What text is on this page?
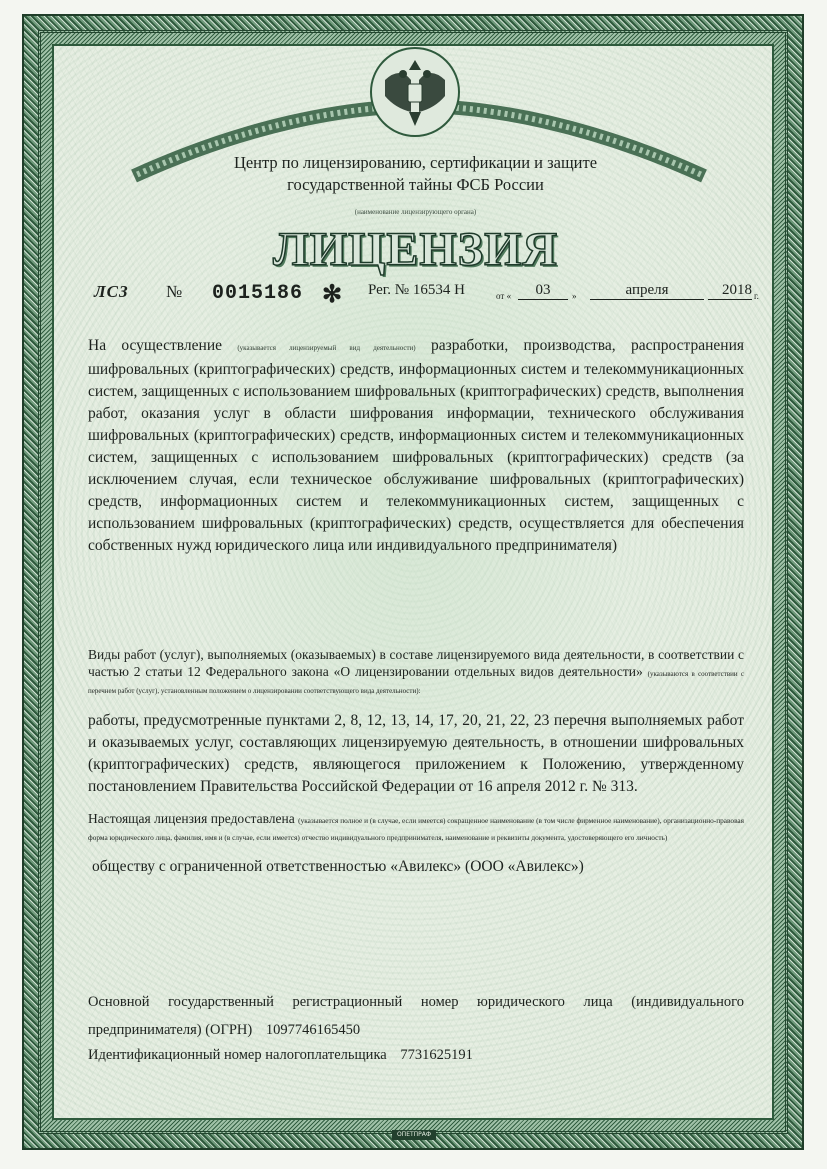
Центр по лицензированию, сертификации и защите
государственной тайны ФСБ России
(наименование лицензирующего органа)
ЛИЦЕНЗИЯ
ЛСЗ № 0015186 ✻ Рег. № 16534 Н	от «	03	»	апреля	2018 г.
На осуществление (указывается лицензируемый вид деятельности) разработки, производства, распространения шифровальных (криптографических) средств, информационных систем и телекоммуникационных систем, защищенных с использованием шифровальных (криптографических) средств, выполнения работ, оказания услуг в области шифрования информации, технического обслуживания шифровальных (криптографических) средств, информационных систем и телекоммуникационных систем, защищенных с использованием шифровальных (криптографических) средств (за исключением случая, если техническое обслуживание шифровальных (криптографических) средств, информационных систем и телекоммуникационных систем, защищенных с использованием шифровальных (криптографических) средств, осуществляется для обеспечения собственных нужд юридического лица или индивидуального предпринимателя)
Виды работ (услуг), выполняемых (оказываемых) в составе лицензируемого вида деятельности, в соответствии с частью 2 статьи 12 Федерального закона «О лицензировании отдельных видов деятельности» (указываются в соответствии с перечнем работ (услуг), установленным положением о лицензировании соответствующего вида деятельности):
работы, предусмотренные пунктами 2, 8, 12, 13, 14, 17, 20, 21, 22, 23 перечня выполняемых работ и оказываемых услуг, составляющих лицензируемую деятельность, в отношении шифровальных (криптографических) средств, являющегося приложением к Положению, утвержденному постановлением Правительства Российской Федерации от 16 апреля 2012 г. № 313.
Настоящая лицензия предоставлена (указывается полное и (в случае, если имеется) сокращенное наименование (в том числе фирменное наименование), организационно-правовая форма юридического лица, фамилия, имя и (в случае, если имеется) отчество индивидуального предпринимателя, наименование и реквизиты документа, удостоверяющего его личность)
обществу с ограниченной ответственностью «Авилекс» (ООО «Авилекс»)
Основной государственный регистрационный номер юридического лица (индивидуального предпринимателя) (ОГРН) 1097746165450
Идентификационный номер налогоплательщика 7731625191
ОПЕТПРАФ
